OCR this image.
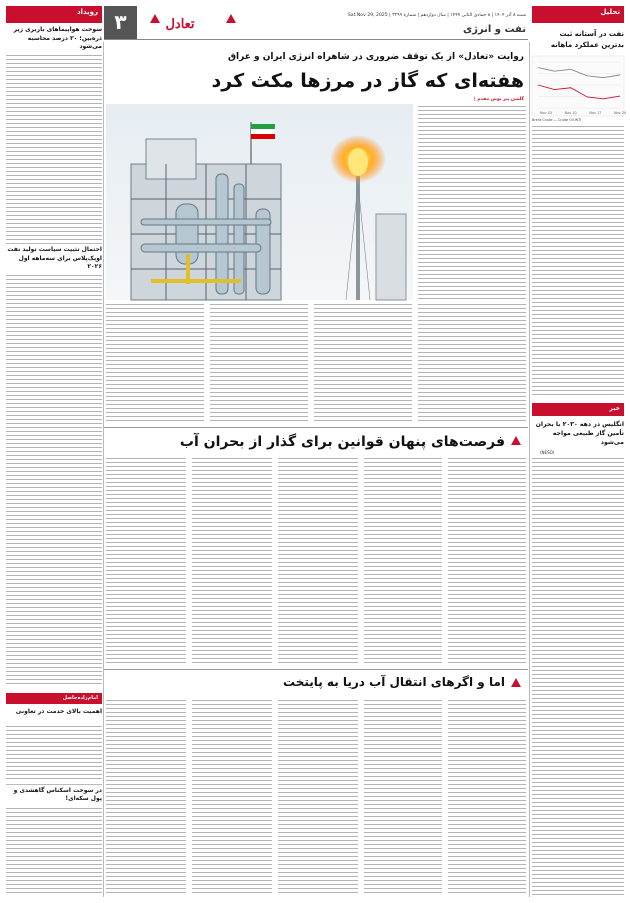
رویداد ۳	تعادل
شنبه ۸ آذر ۱۴۰۴ | ۸ جمادی الثانی ۱۴۴۷ | سال دوازدهم | شماره ۳۲۹۹ | Sat.Nov 29, 2025
نفت و انرژی
تحلیل
نفت در آستانه ثبت
بدترین عملکرد ماهانه
Nov 03	Nov 10	Nov 17	Nov 24
Brent Crude — Crude Oil WTI
خبر
انگلیس در دهه ۲۰۳۰ با بحران تأمین گاز طبیعی مواجه می‌شود
(NESO)
سوخت هواپیماهای باربری زیر ذره‌بین؛ ۳۰ درصد محاسبه می‌شود
احتمال تثبیت سیاست تولید نفت اوپک‌پلاس برای سه‌ماهه اول ۲۰۲۶
امام‌زاده‌حاصل
اهمیت بالای خدمت در تعاونی
در سوخت اسکناس گاهشدی و پول سکه‌ای!
روایت «تعادل» از یک توقف ضروری در شاهراه انرژی ایران و عراق
هفته‌ای که گاز در مرزها مکث کرد
گلشن پیر بوش مقدم |
فرصت‌های پنهان قوانین برای گذار از بحران آب
اما و اگرهای انتقال آب دریا به پایتخت
